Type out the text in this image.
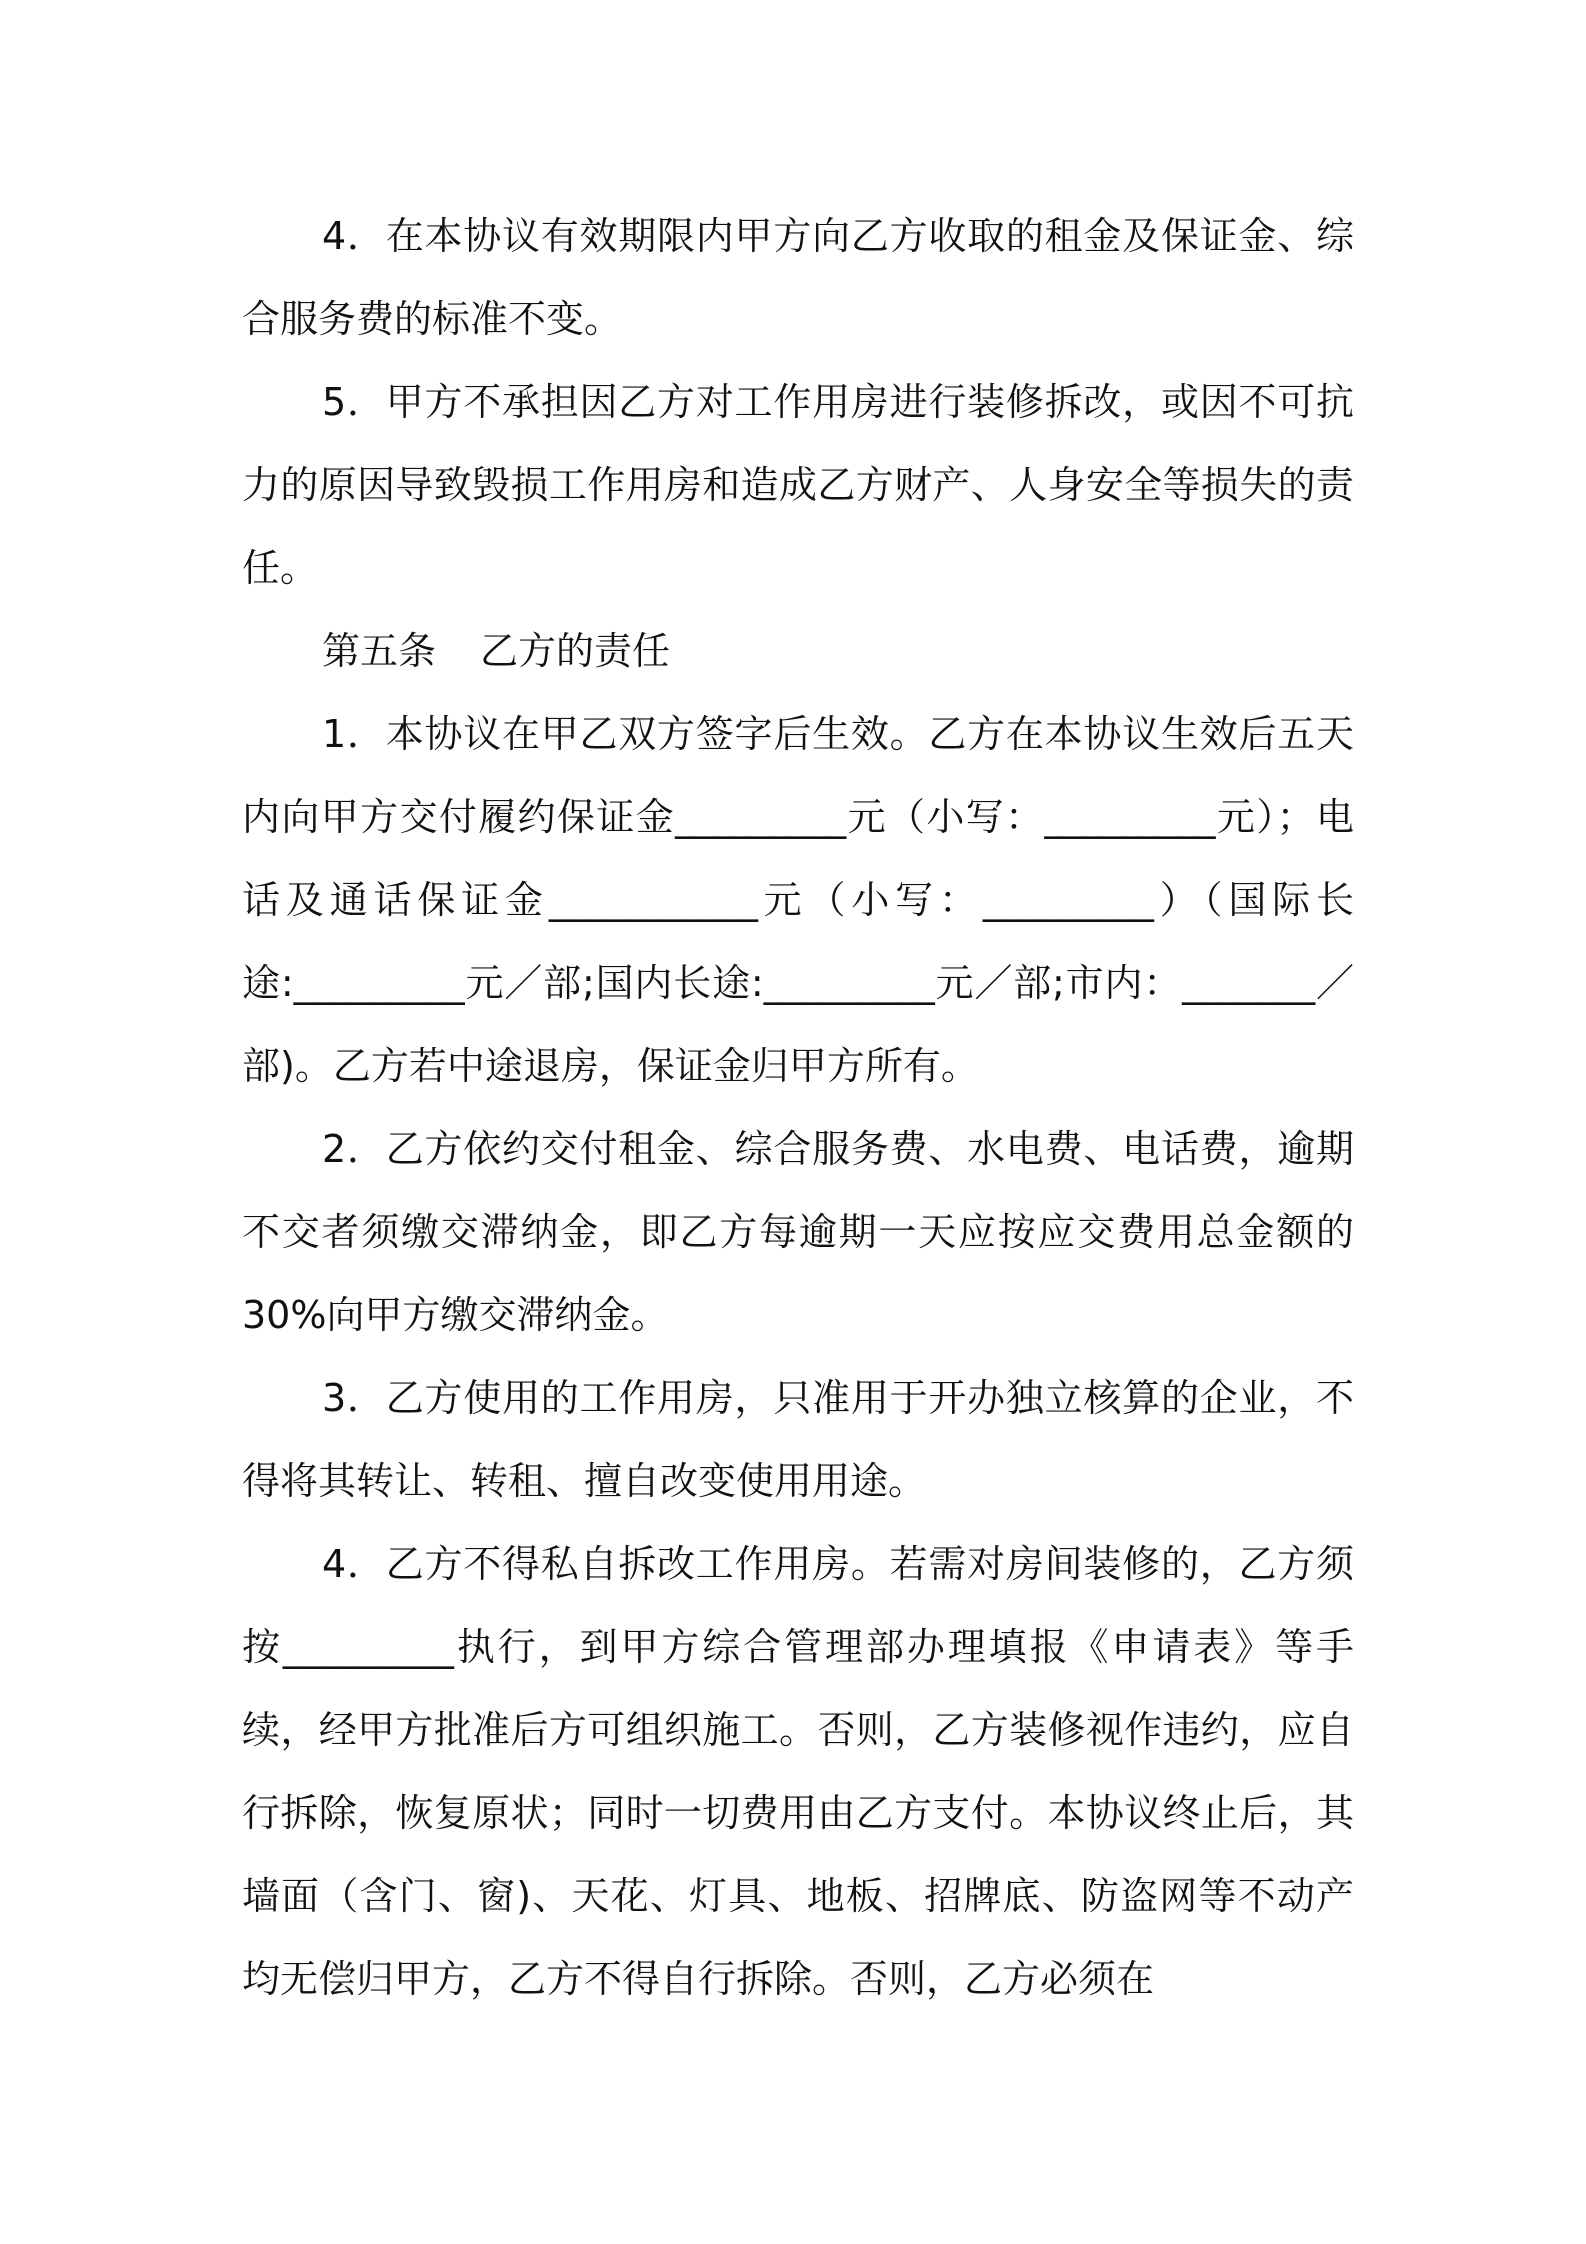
4．在本协议有效期限内甲方向乙方收取的租金及保证金、综合服务费的标准不变。

5．甲方不承担因乙方对工作用房进行装修拆改，或因不可抗力的原因导致毁损工作用房和造成乙方财产、人身安全等损失的责任。

第五条 乙方的责任

1．本协议在甲乙双方签字后生效。乙方在本协议生效后五天内向甲方交付履约保证金_________元（小写：_________元）；电话及通话保证金___________元（小写：_________）（国际长途:_________元／部;国内长途:_________元／部;市内：_______／部)。乙方若中途退房，保证金归甲方所有。

2．乙方依约交付租金、综合服务费、水电费、电话费，逾期不交者须缴交滞纳金，即乙方每逾期一天应按应交费用总金额的30%向甲方缴交滞纳金。

3．乙方使用的工作用房，只准用于开办独立核算的企业，不得将其转让、转租、擅自改变使用用途。

4．乙方不得私自拆改工作用房。若需对房间装修的，乙方须按_________执行，到甲方综合管理部办理填报《申请表》等手续，经甲方批准后方可组织施工。否则，乙方装修视作违约，应自行拆除，恢复原状；同时一切费用由乙方支付。本协议终止后，其墙面（含门、窗)、天花、灯具、地板、招牌底、防盗网等不动产均无偿归甲方，乙方不得自行拆除。否则，乙方必须在
